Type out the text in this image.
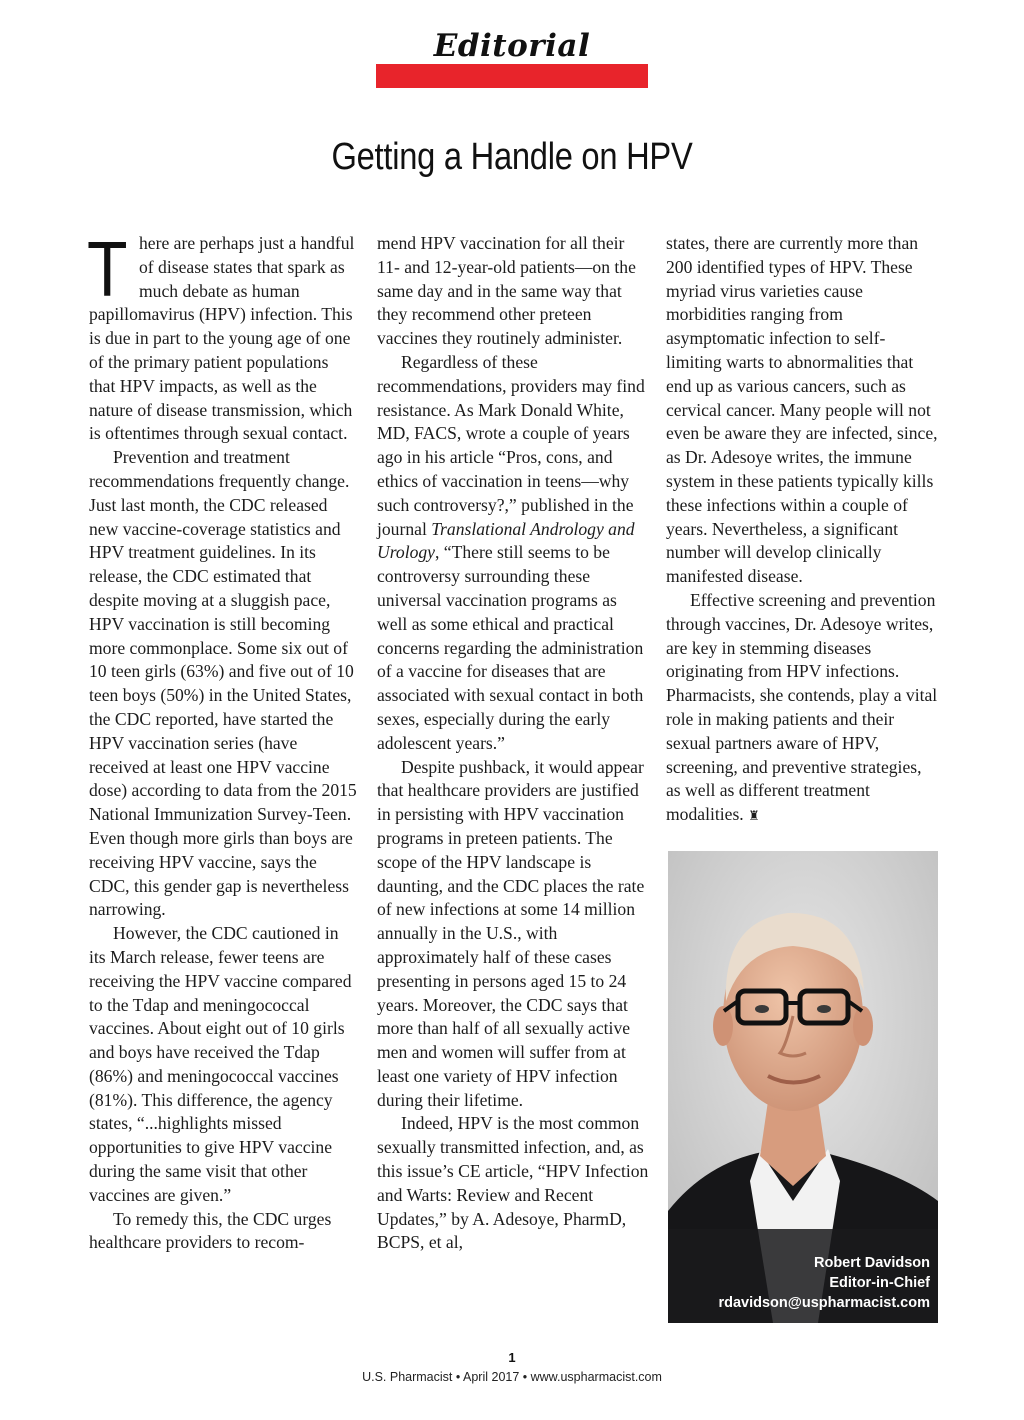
Editorial
Getting a Handle on HPV

There are perhaps just a handful of disease states that spark as much debate as human papillomavirus (HPV) infection. This is due in part to the young age of one of the primary patient populations that HPV impacts, as well as the nature of disease transmission, which is oftentimes through sexual contact.

Prevention and treatment recommendations frequently change. Just last month, the CDC released new vaccine-coverage statistics and HPV treatment guidelines. In its release, the CDC estimated that despite moving at a sluggish pace, HPV vaccination is still becoming more commonplace. Some six out of 10 teen girls (63%) and five out of 10 teen boys (50%) in the United States, the CDC reported, have started the HPV vaccination series (have received at least one HPV vaccine dose) according to data from the 2015 National Immunization Survey-Teen. Even though more girls than boys are receiving HPV vaccine, says the CDC, this gender gap is nevertheless narrowing.

However, the CDC cautioned in its March release, fewer teens are receiving the HPV vaccine compared to the Tdap and meningococcal vaccines. About eight out of 10 girls and boys have received the Tdap (86%) and meningococcal vaccines (81%). This difference, the agency states, “...highlights missed opportunities to give HPV vaccine during the same visit that other vaccines are given.”

To remedy this, the CDC urges healthcare providers to recom-

mend HPV vaccination for all their 11- and 12-year-old patients—on the same day and in the same way that they recommend other preteen vaccines they routinely administer.

Regardless of these recommendations, providers may find resistance. As Mark Donald White, MD, FACS, wrote a couple of years ago in his article “Pros, cons, and ethics of vaccination in teens—why such controversy?,” published in the journal Translational Andrology and Urology, “There still seems to be controversy surrounding these universal vaccination programs as well as some ethical and practical concerns regarding the administration of a vaccine for diseases that are associated with sexual contact in both sexes, especially during the early adolescent years.”

Despite pushback, it would appear that healthcare providers are justified in persisting with HPV vaccination programs in preteen patients. The scope of the HPV landscape is daunting, and the CDC places the rate of new infections at some 14 million annually in the U.S., with approximately half of these cases presenting in persons aged 15 to 24 years. Moreover, the CDC says that more than half of all sexually active men and women will suffer from at least one variety of HPV infection during their lifetime.

Indeed, HPV is the most common sexually transmitted infection, and, as this issue’s CE article, “HPV Infection and Warts: Review and Recent Updates,” by A. Adesoye, PharmD, BCPS, et al,

states, there are currently more than 200 identified types of HPV. These myriad virus varieties cause morbidities ranging from asymptomatic infection to self-limiting warts to abnormalities that end up as various cancers, such as cervical cancer. Many people will not even be aware they are infected, since, as Dr. Adesoye writes, the immune system in these patients typically kills these infections within a couple of years. Nevertheless, a significant number will develop clinically manifested disease.

Effective screening and prevention through vaccines, Dr. Adesoye writes, are key in stemming diseases originating from HPV infections. Pharmacists, she contends, play a vital role in making patients and their sexual partners aware of HPV, screening, and preventive strategies, as well as different treatment modalities. ♜

Robert Davidson
Editor-in-Chief
rdavidson@uspharmacist.com
1
U.S. Pharmacist • April 2017 • www.uspharmacist.com
